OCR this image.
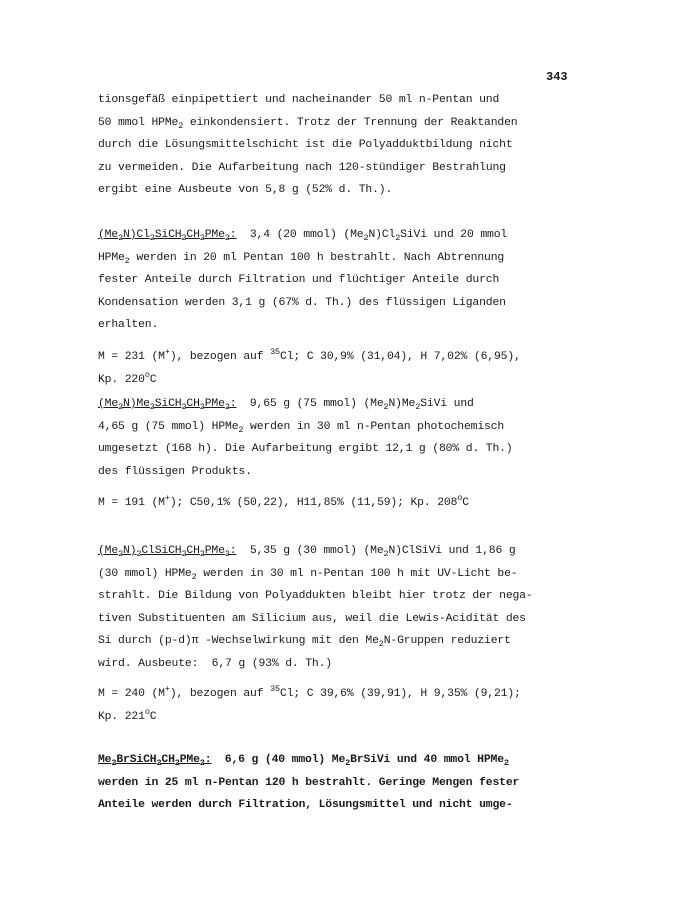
343
tionsgefäß einpipettiert und nacheinander 50 ml n-Pentan und
50 mmol HPMe$_2$ einkondensiert. Trotz der Trennung der Reaktanden
durch die Lösungsmittelschicht ist die Polyadduktbildung nicht
zu vermeiden. Die Aufarbeitung nach 120-stündiger Bestrahlung
ergibt eine Ausbeute von 5,8 g (52% d. Th.).
$(Me_2N)Cl_2SiCH_2CH_2PMe_2$:  3,4 (20 mmol) $(Me_2N)Cl_2SiVi$ und 20 mmol
HPMe$_2$ werden in 20 ml Pentan 100 h bestrahlt. Nach Abtrennung
fester Anteile durch Filtration und flüchtiger Anteile durch
Kondensation werden 3,1 g (67% d. Th.) des flüssigen Liganden
erhalten.
M = 231 (M+), bezogen auf $^{35}$Cl; C 30,9% (31,04), H 7,02% (6,95),
Kp. 220$^o$C
$(Me_2N)Me_2SiCH_2CH_2PMe_2$:  9,65 g (75 mmol) $(Me_2N)Me_2SiVi$ und
4,65 g (75 mmol) HPMe$_2$ werden in 30 ml n-Pentan photochemisch
umgesetzt (168 h). Die Aufarbeitung ergibt 12,1 g (80% d. Th.)
des flüssigen Produkts.
M = 191 (M+); C50,1% (50,22), H11,85% (11,59); Kp. 208$^o$C
$(Me_2N)_2ClSiCH_2CH_2PMe_2$:  5,35 g (30 mmol) $(Me_2N)ClSiVi$ und 1,86 g
(30 mmol) HPMe$_2$ werden in 30 ml n-Pentan 100 h mit UV-Licht be-
strahlt. Die Bildung von Polyaddukten bleibt hier trotz der nega-
tiven Substituenten am Silicium aus, weil die Lewis-Acidität des
Si durch (p-d)π -Wechselwirkung mit den $Me_2N$-Gruppen reduziert
wird. Ausbeute:  6,7 g (93% d. Th.)
M = 240 (M+), bezogen auf $^{35}$Cl; C 39,6% (39,91), H 9,35% (9,21);
Kp. 221$^o$C
$Me_2BrSiCH_2CH_2PMe_2$:  6,6 g (40 mmol) $Me_2BrSiVi$ und 40 mmol HPMe$_2$
werden in 25 ml n-Pentan 120 h bestrahlt. Geringe Mengen fester
Anteile werden durch Filtration, Lösungsmittel und nicht umge-
